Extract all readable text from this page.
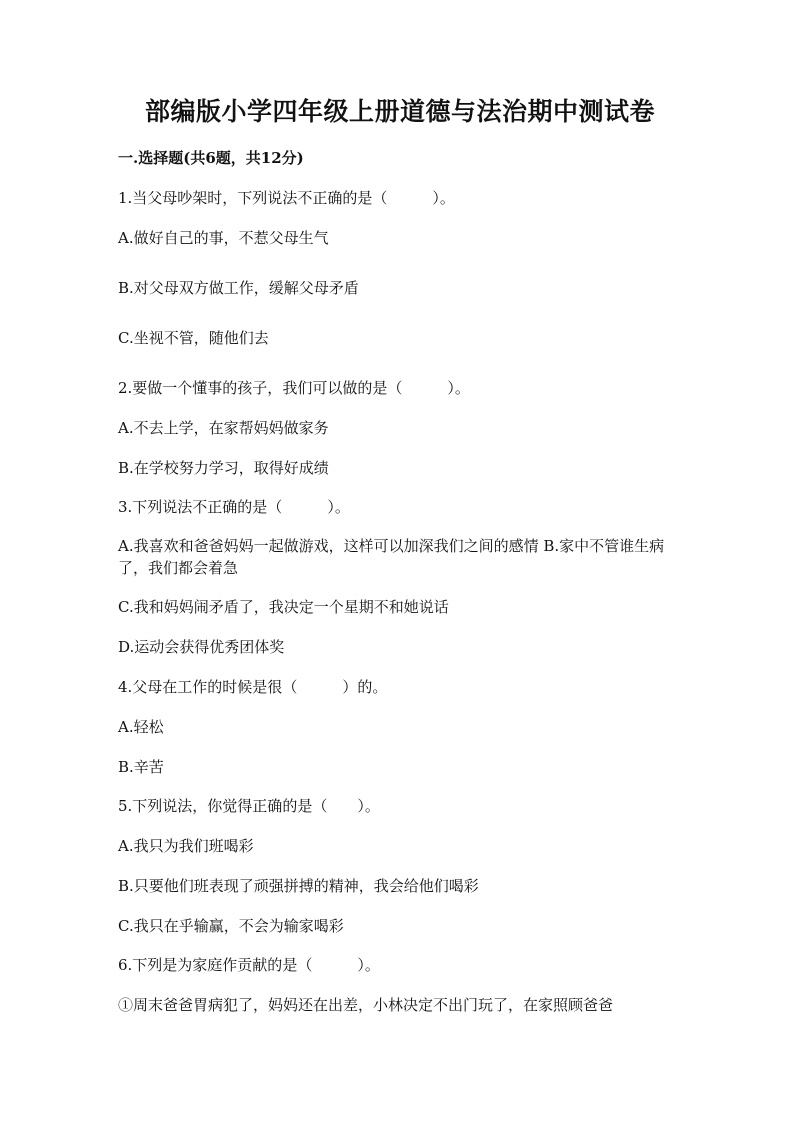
部编版小学四年级上册道德与法治期中测试卷
一.选择题(共6题，共12分)
1.当父母吵架时，下列说法不正确的是（　　　）。
A.做好自己的事，不惹父母生气
B.对父母双方做工作，缓解父母矛盾
C.坐视不管，随他们去
2.要做一个懂事的孩子，我们可以做的是（　　　）。
A.不去上学，在家帮妈妈做家务
B.在学校努力学习，取得好成绩
3.下列说法不正确的是（　　　）。
A.我喜欢和爸爸妈妈一起做游戏，这样可以加深我们之间的感情 B.家中不管谁生病了，我们都会着急
C.我和妈妈闹矛盾了，我决定一个星期不和她说话
D.运动会获得优秀团体奖
4.父母在工作的时候是很（　　　）的。
A.轻松
B.辛苦
5.下列说法，你觉得正确的是（　　）。
A.我只为我们班喝彩
B.只要他们班表现了顽强拼搏的精神，我会给他们喝彩
C.我只在乎输赢，不会为输家喝彩
6.下列是为家庭作贡献的是（　　　）。
①周末爸爸胃病犯了，妈妈还在出差，小林决定不出门玩了，在家照顾爸爸
